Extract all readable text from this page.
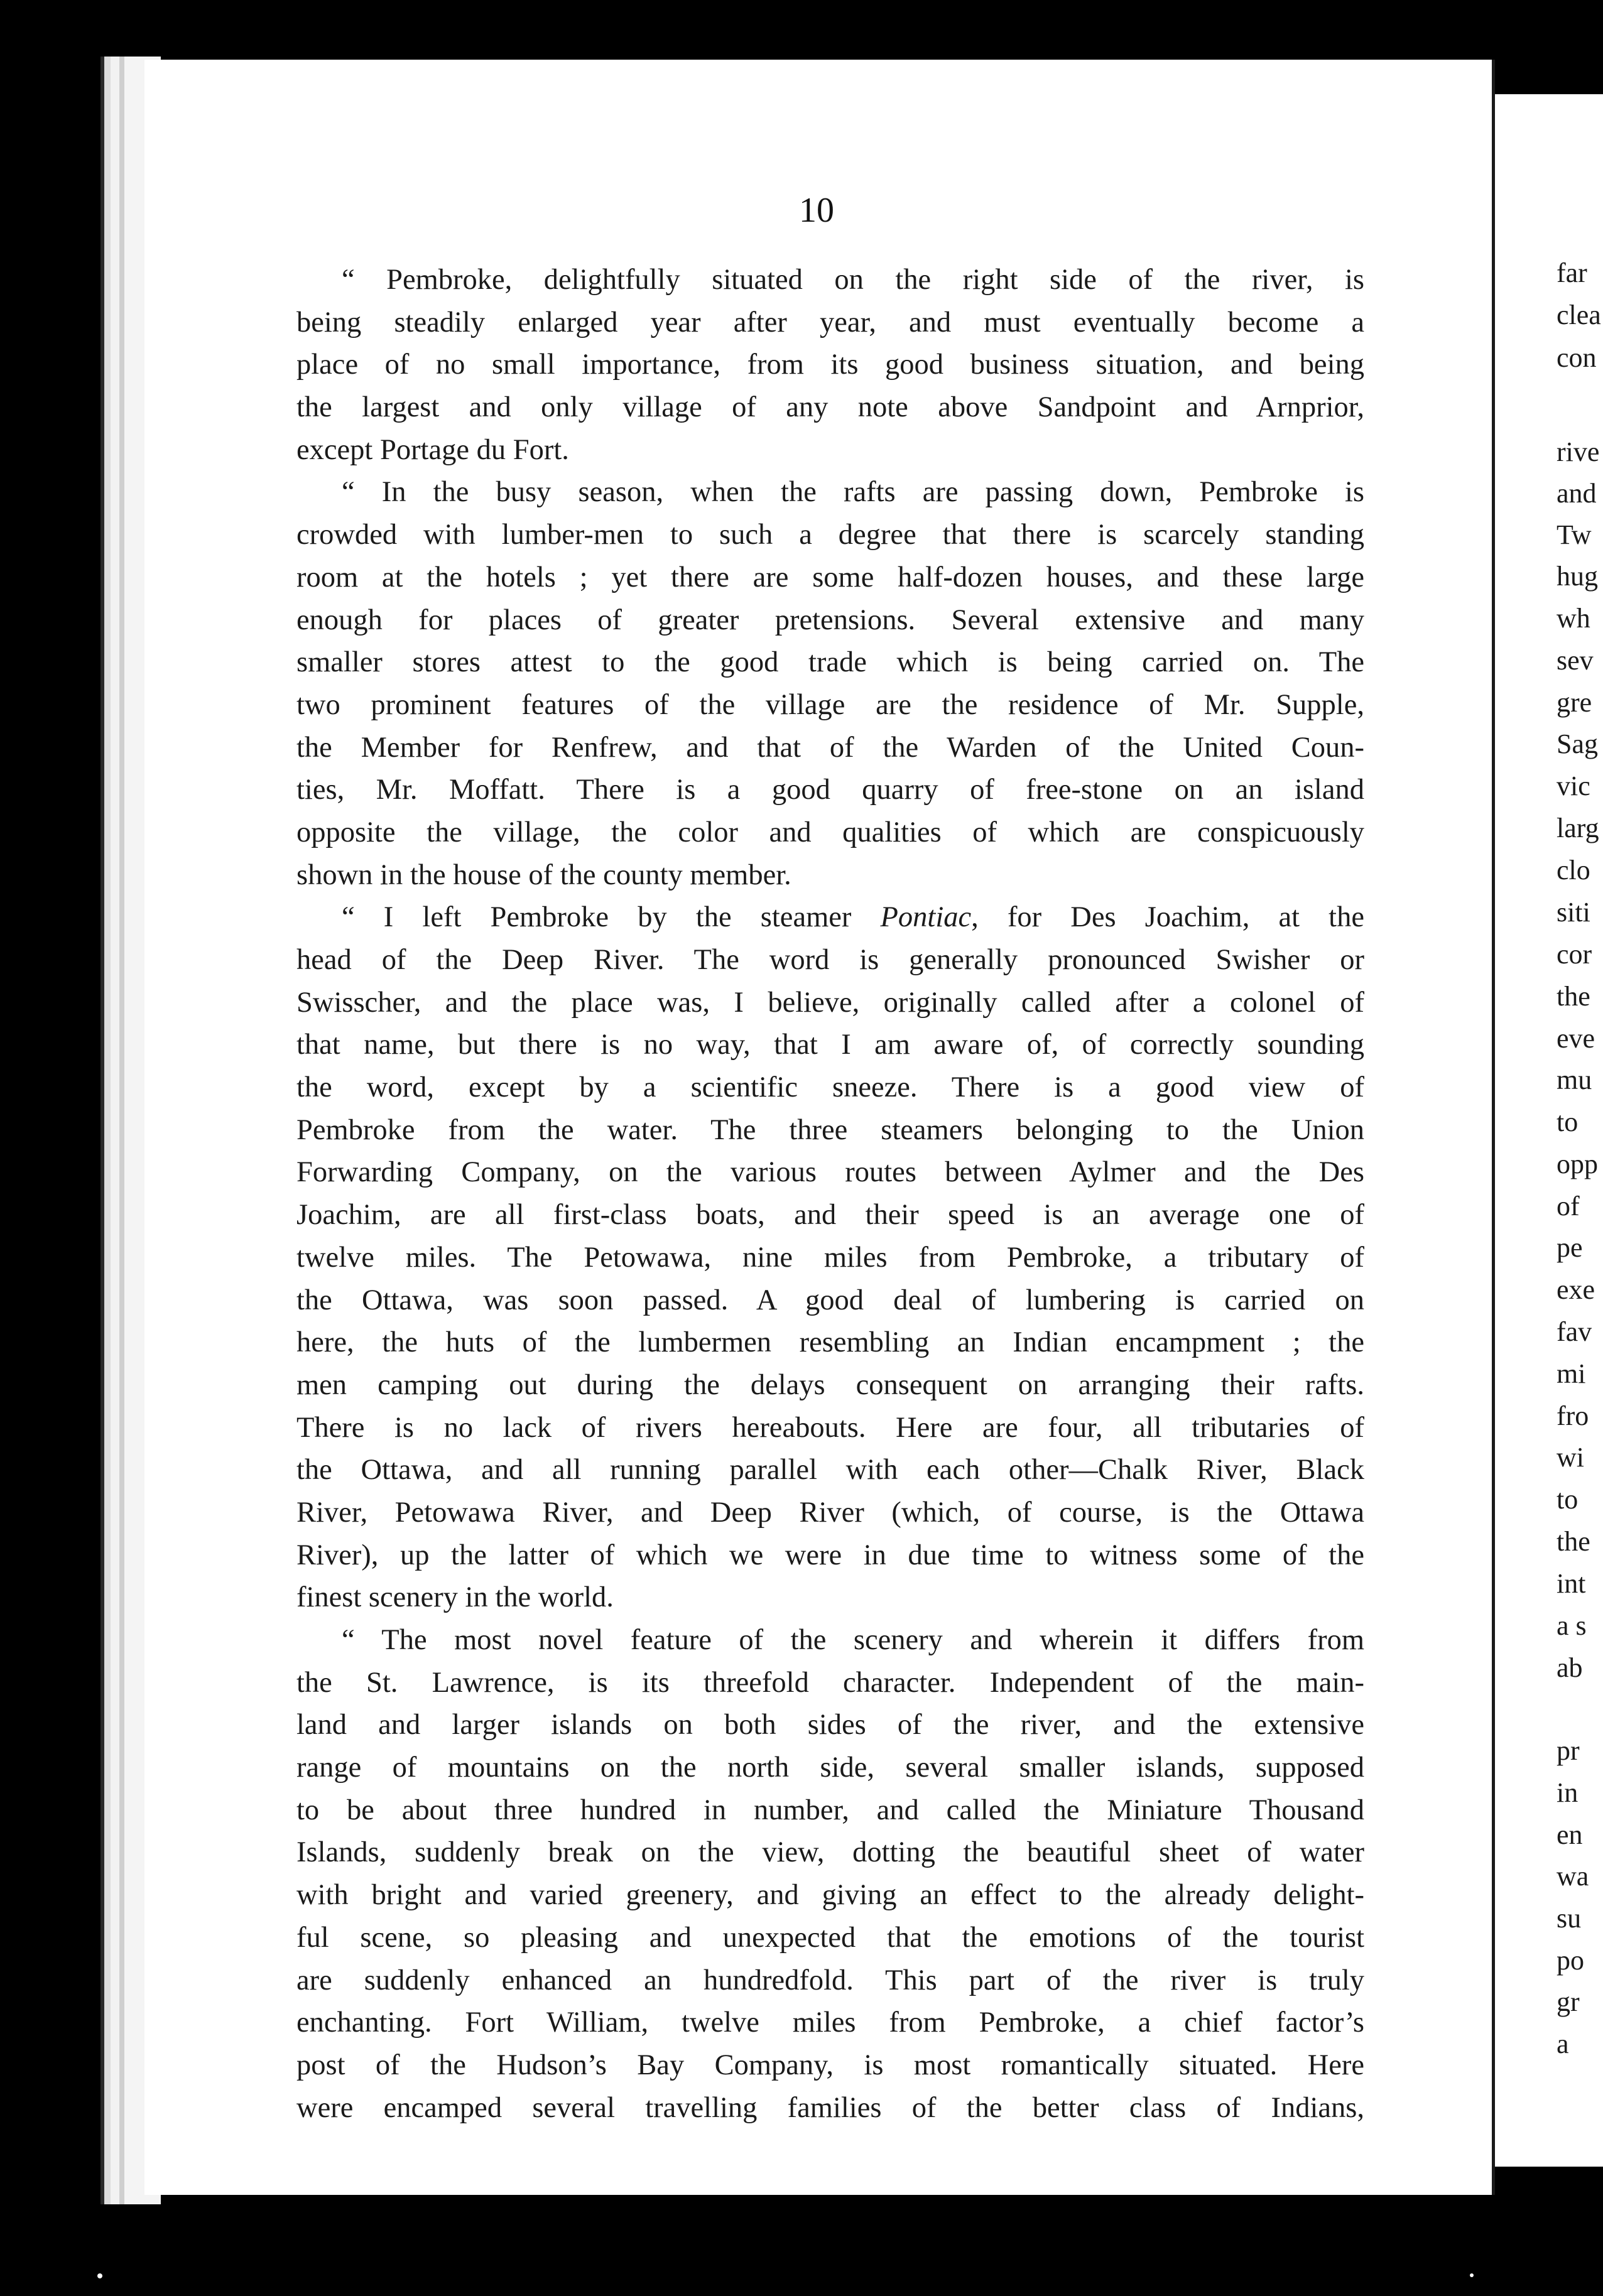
10
“ Pembroke, delightfully situated on the right side of the river, is
being steadily enlarged year after year, and must eventually become a
place of no small importance, from its good business situation, and being
the largest and only village of any note above Sandpoint and Arnprior,
except Portage du Fort.
“ In the busy season, when the rafts are passing down, Pembroke is
crowded with lumber-men to such a degree that there is scarcely standing
room at the hotels ; yet there are some half-dozen houses, and these large
enough for places of greater pretensions. Several extensive and many
smaller stores attest to the good trade which is being carried on. The
two prominent features of the village are the residence of Mr. Supple,
the Member for Renfrew, and that of the Warden of the United Coun-
ties, Mr. Moffatt. There is a good quarry of free-stone on an island
opposite the village, the color and qualities of which are conspicuously
shown in the house of the county member.
“ I left Pembroke by the steamer Pontiac, for Des Joachim, at the
head of the Deep River. The word is generally pronounced Swisher or
Swisscher, and the place was, I believe, originally called after a colonel of
that name, but there is no way, that I am aware of, of correctly sounding
the word, except by a scientific sneeze. There is a good view of
Pembroke from the water. The three steamers belonging to the Union
Forwarding Company, on the various routes between Aylmer and the Des
Joachim, are all first-class boats, and their speed is an average one of
twelve miles. The Petowawa, nine miles from Pembroke, a tributary of
the Ottawa, was soon passed. A good deal of lumbering is carried on
here, the huts of the lumbermen resembling an Indian encampment ; the
men camping out during the delays consequent on arranging their rafts.
There is no lack of rivers hereabouts. Here are four, all tributaries of
the Ottawa, and all running parallel with each other—Chalk River, Black
River, Petowawa River, and Deep River (which, of course, is the Ottawa
River), up the latter of which we were in due time to witness some of the
finest scenery in the world.
“ The most novel feature of the scenery and wherein it differs from
the St. Lawrence, is its threefold character. Independent of the main-
land and larger islands on both sides of the river, and the extensive
range of mountains on the north side, several smaller islands, supposed
to be about three hundred in number, and called the Miniature Thousand
Islands, suddenly break on the view, dotting the beautiful sheet of water
with bright and varied greenery, and giving an effect to the already delight-
ful scene, so pleasing and unexpected that the emotions of the tourist
are suddenly enhanced an hundredfold. This part of the river is truly
enchanting. Fort William, twelve miles from Pembroke, a chief factor’s
post of the Hudson’s Bay Company, is most romantically situated. Here
were encamped several travelling families of the better class of Indians,
far
clea
con
rive
and
Tw
hug
wh
sev
gre
Sag
vic
larg
clo
siti
cor
the
eve
mu
to
opp
of
pe
exe
fav
mi
fro
wi
to
the
int
a s
ab
pr
in
en
wa
su
po
gr
a
